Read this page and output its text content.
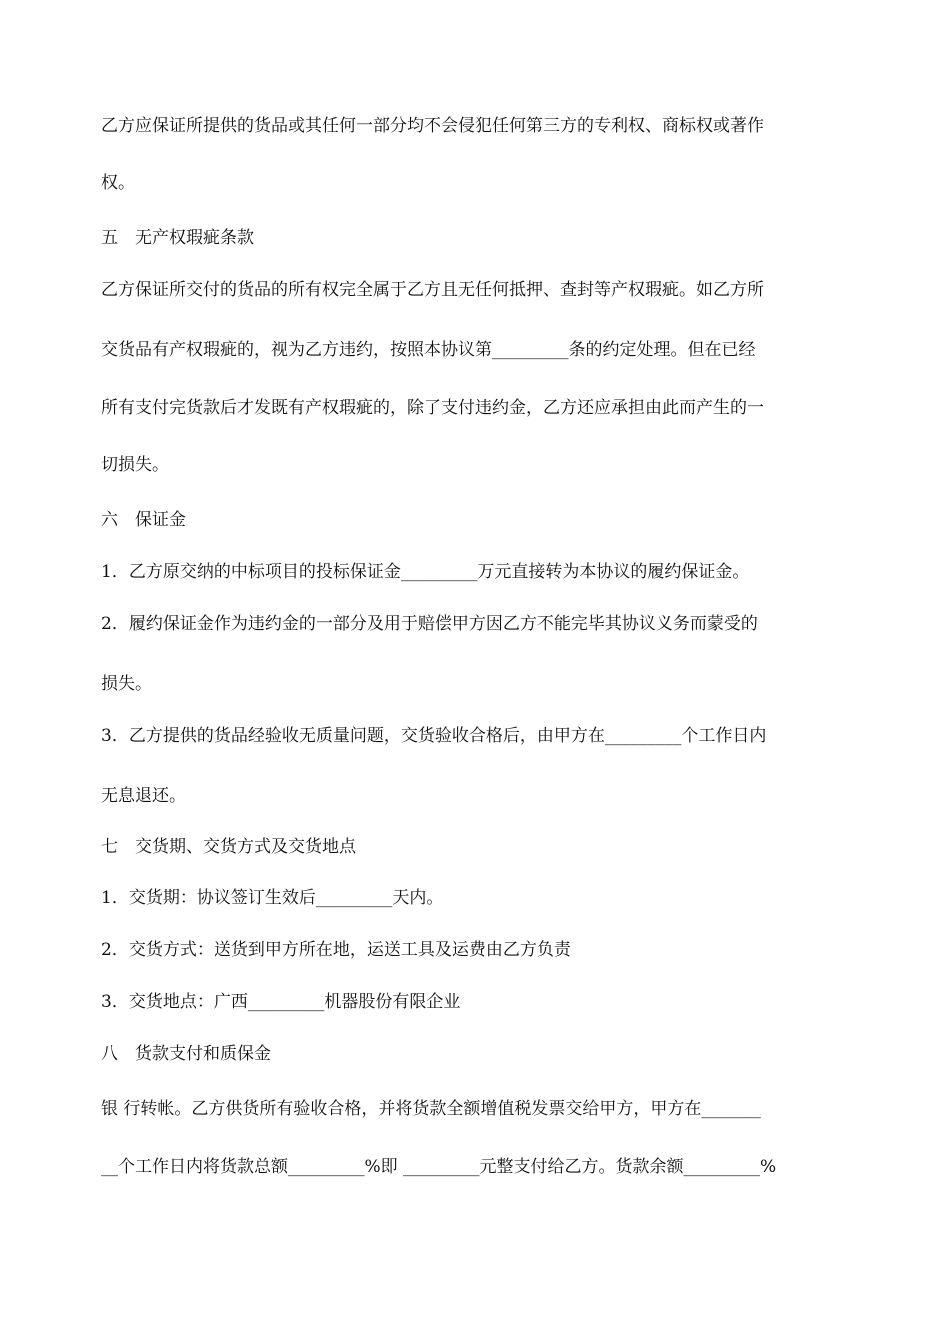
乙方应保证所提供的货品或其任何一部分均不会侵犯任何第三方的专利权、商标权或著作
权。
五　无产权瑕疵条款
乙方保证所交付的货品的所有权完全属于乙方且无任何抵押、查封等产权瑕疵。如乙方所
交货品有产权瑕疵的，视为乙方违约，按照本协议第_________条的约定处理。但在已经
所有支付完货款后才发既有产权瑕疵的，除了支付违约金，乙方还应承担由此而产生的一
切损失。
六　保证金
1．乙方原交纳的中标项目的投标保证金_________万元直接转为本协议的履约保证金。
2．履约保证金作为违约金的一部分及用于赔偿甲方因乙方不能完毕其协议义务而蒙受的
损失。
3．乙方提供的货品经验收无质量问题，交货验收合格后，由甲方在_________个工作日内
无息退还。
七　交货期、交货方式及交货地点
1．交货期：协议签订生效后_________天内。
2．交货方式：送货到甲方所在地，运送工具及运费由乙方负责
3．交货地点：广西_________机器股份有限企业
八　货款支付和质保金
银 行转帐。乙方供货所有验收合格，并将货款全额增值税发票交给甲方，甲方在_______
__个工作日内将货款总额_________%即 _________元整支付给乙方。货款余额_________%
